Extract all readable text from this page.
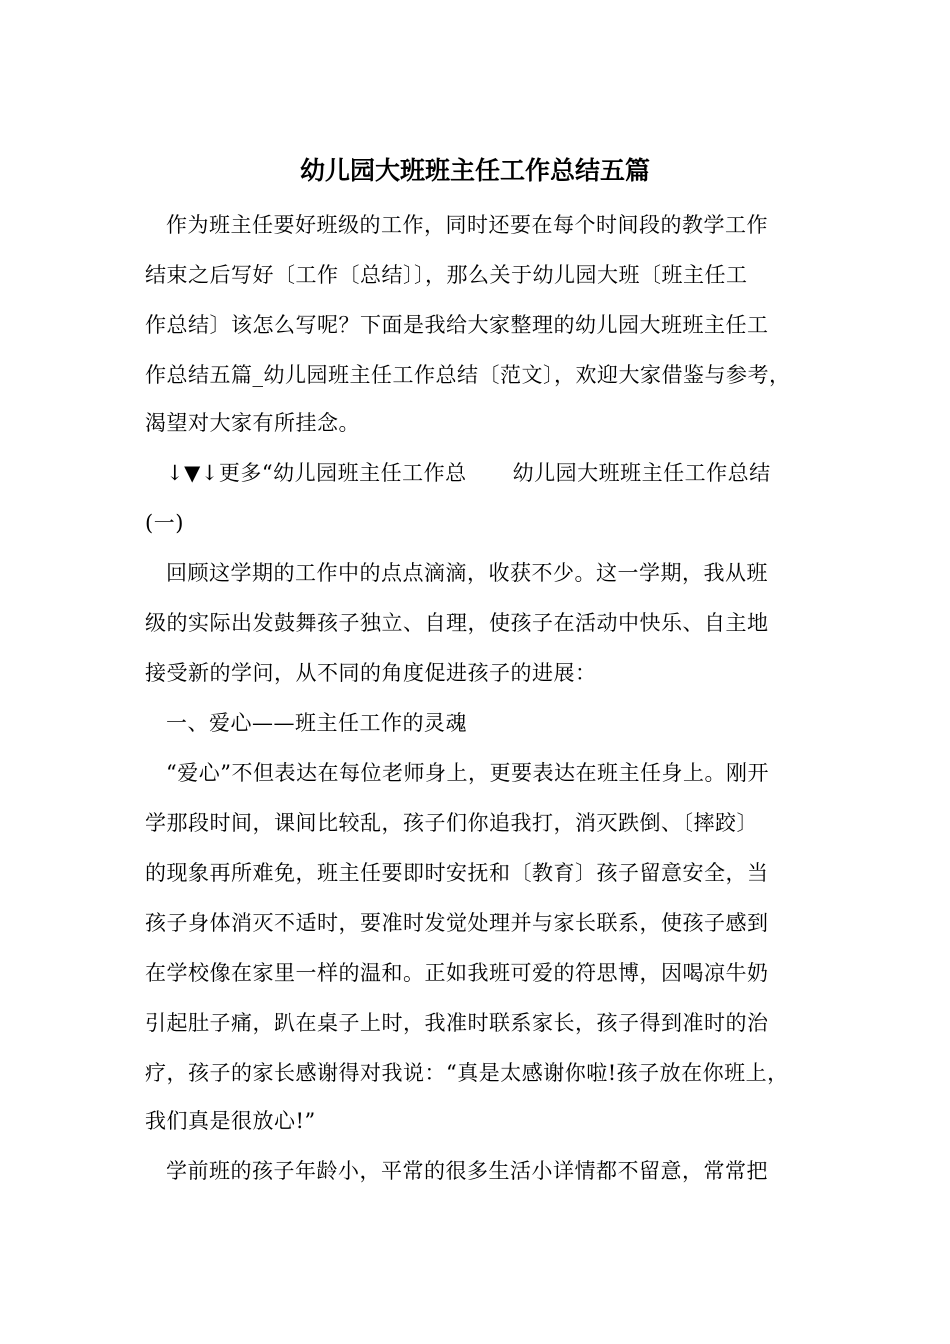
幼儿园大班班主任工作总结五篇
作为班主任要好班级的工作，同时还要在每个时间段的教学工作
结束之后写好〔工作〔总结〕〕，那么关于幼儿园大班〔班主任工
作总结〕该怎么写呢？下面是我给大家整理的幼儿园大班班主任工
作总结五篇_幼儿园班主任工作总结〔范文〕，欢迎大家借鉴与参考，
渴望对大家有所挂念。
↓▼↓更多“幼儿园班主任工作总 幼儿园大班班主任工作总结
(一)
回顾这学期的工作中的点点滴滴，收获不少。这一学期，我从班
级的实际出发鼓舞孩子独立、自理，使孩子在活动中快乐、自主地
接受新的学问，从不同的角度促进孩子的进展：
一、爱心——班主任工作的灵魂
“爱心”不但表达在每位老师身上，更要表达在班主任身上。刚开
学那段时间，课间比较乱，孩子们你追我打，消灭跌倒、〔摔跤〕
的现象再所难免，班主任要即时安抚和〔教育〕孩子留意安全，当
孩子身体消灭不适时，要准时发觉处理并与家长联系，使孩子感到
在学校像在家里一样的温和。正如我班可爱的符思博，因喝凉牛奶
引起肚子痛，趴在桌子上时，我准时联系家长，孩子得到准时的治
疗，孩子的家长感谢得对我说：“真是太感谢你啦!孩子放在你班上，
我们真是很放心!”
学前班的孩子年龄小，平常的很多生活小详情都不留意，常常把
